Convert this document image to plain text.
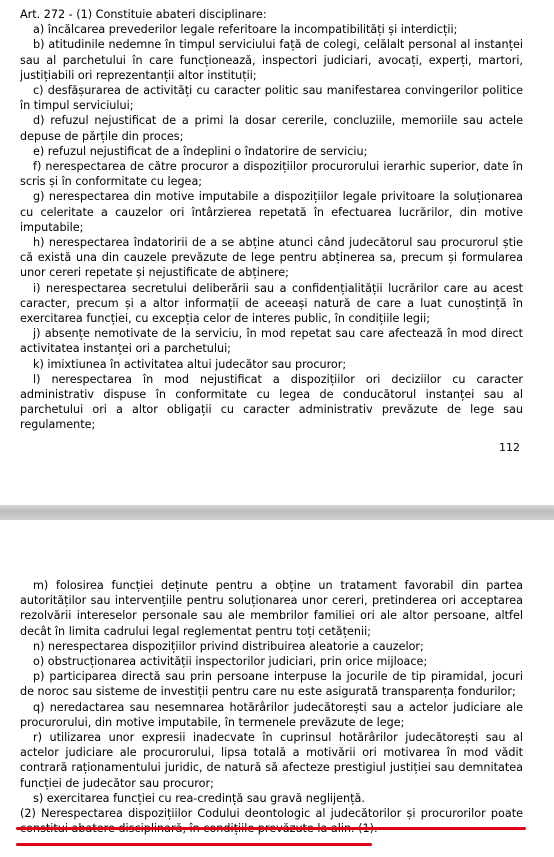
Art. 272 - (1) Constituie abateri disciplinare:

a) încălcarea prevederilor legale referitoare la incompatibilități și interdicții;

b) atitudinile nedemne în timpul serviciului față de colegi, celălalt personal al instanței sau al parchetului în care funcționează, inspectori judiciari, avocați, experți, martori, justițiabili ori reprezentanții altor instituții;

c) desfășurarea de activități cu caracter politic sau manifestarea convingerilor politice în timpul serviciului;

d) refuzul nejustificat de a primi la dosar cererile, concluziile, memoriile sau actele depuse de părțile din proces;

e) refuzul nejustificat de a îndeplini o îndatorire de serviciu;

f) nerespectarea de către procuror a dispozițiilor procurorului ierarhic superior, date în scris și în conformitate cu legea;

g) nerespectarea din motive imputabile a dispozițiilor legale privitoare la soluționarea cu celeritate a cauzelor ori întârzierea repetată în efectuarea lucrărilor, din motive imputabile;

h) nerespectarea îndatoririi de a se abține atunci când judecătorul sau procurorul știe că există una din cauzele prevăzute de lege pentru abținerea sa, precum și formularea unor cereri repetate și nejustificate de abținere;

i) nerespectarea secretului deliberării sau a confidențialității lucrărilor care au acest caracter, precum și a altor informații de aceeași natură de care a luat cunoștință în exercitarea funcției, cu excepția celor de interes public, în condițiile legii;

j) absențe nemotivate de la serviciu, în mod repetat sau care afectează în mod direct activitatea instanței ori a parchetului;

k) imixtiunea în activitatea altui judecător sau procuror;

l) nerespectarea în mod nejustificat a dispozițiilor ori deciziilor cu caracter administrativ dispuse în conformitate cu legea de conducătorul instanței sau al parchetului ori a altor obligații cu caracter administrativ prevăzute de lege sau regulamente;

112

m) folosirea funcției deținute pentru a obține un tratament favorabil din partea autorităților sau intervențiile pentru soluționarea unor cereri, pretinderea ori acceptarea rezolvării intereselor personale sau ale membrilor familiei ori ale altor persoane, altfel decât în limita cadrului legal reglementat pentru toți cetățenii;

n) nerespectarea dispozițiilor privind distribuirea aleatorie a cauzelor;

o) obstrucționarea activității inspectorilor judiciari, prin orice mijloace;

p) participarea directă sau prin persoane interpuse la jocurile de tip piramidal, jocuri de noroc sau sisteme de investiții pentru care nu este asigurată transparența fondurilor;

q) neredactarea sau nesemnarea hotărârilor judecătorești sau a actelor judiciare ale procurorului, din motive imputabile, în termenele prevăzute de lege;

r) utilizarea unor expresii inadecvate în cuprinsul hotărârilor judecătorești sau al actelor judiciare ale procurorului, lipsa totală a motivării ori motivarea în mod vădit contrară raționamentului juridic, de natură să afecteze prestigiul justiției sau demnitatea funcției de judecător sau procuror;

s) exercitarea funcției cu rea-credință sau gravă neglijență.

(2) Nerespectarea dispozițiilor Codului deontologic al judecătorilor și procurorilor poate
